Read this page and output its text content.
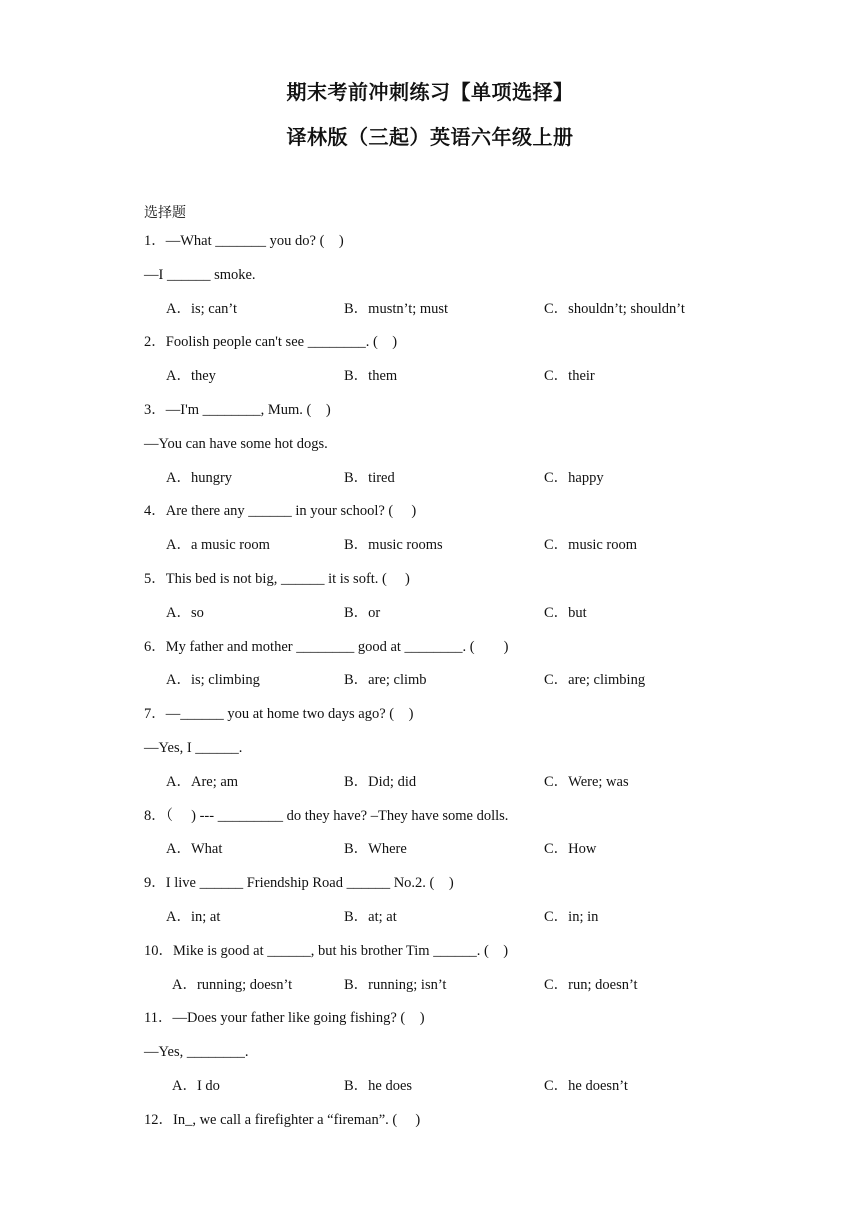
期末考前冲刺练习【单项选择】
译林版（三起）英语六年级上册
选择题
1．—What _______ you do? (　)
—I ______ smoke.
A．is; can’t	B．mustn’t; must	C．shouldn’t; shouldn’t
2．Foolish people can't see ________. (　)
A．they	B．them	C．their
3．—I'm ________, Mum. (　)
—You can have some hot dogs.
A．hungry	B．tired	C．happy
4．Are there any ______ in your school? (　 )
A．a music room	B．music rooms	C．music room
5．This bed is not big, ______ it is soft. (　 )
A．so	B．or	C．but
6．My father and mother ________ good at ________. (　　)
A．is; climbing	B．are; climb	C．are; climbing
7．—______ you at home two days ago? (　)
—Yes, I ______.
A．Are; am	B．Did; did	C．Were; was
8．（　 ) --- _________ do they have? –They have some dolls.
A．What	B．Where	C．How
9．I live ______ Friendship Road ______ No.2. (　)
A．in; at	B．at; at	C．in; in
10．Mike is good at ______, but his brother Tim ______. (　)
A．running; doesn’t	B．running; isn’t	C．run; doesn’t
11．—Does your father like going fishing? (　)
—Yes, ________.
A．I do	B．he does	C．he doesn’t
12．In_, we call a firefighter a “fireman”. (　 )
